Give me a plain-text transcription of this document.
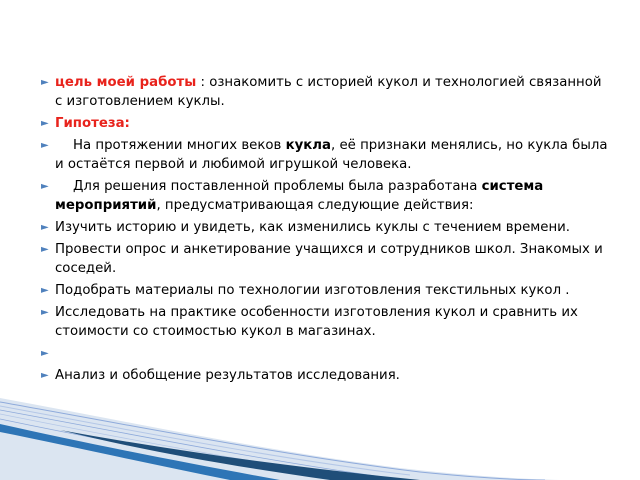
► цель моей работы : ознакомить с историей кукол и технологией связанной с изготовлением куклы.
► Гипотеза:
► На протяжении многих веков кукла, её признаки менялись, но кукла была и остаётся первой и любимой игрушкой человека.
► Для решения поставленной проблемы была разработана система мероприятий, предусматривающая следующие действия:
► Изучить историю и увидеть, как изменились куклы с течением времени.
► Провести опрос и анкетирование учащихся и сотрудников школ. Знакомых и соседей.
► Подобрать материалы по технологии изготовления текстильных кукол .
► Исследовать на практике особенности изготовления кукол и сравнить их стоимости со стоимостью кукол в магазинах.
►

► Анализ и обобщение результатов исследования.
